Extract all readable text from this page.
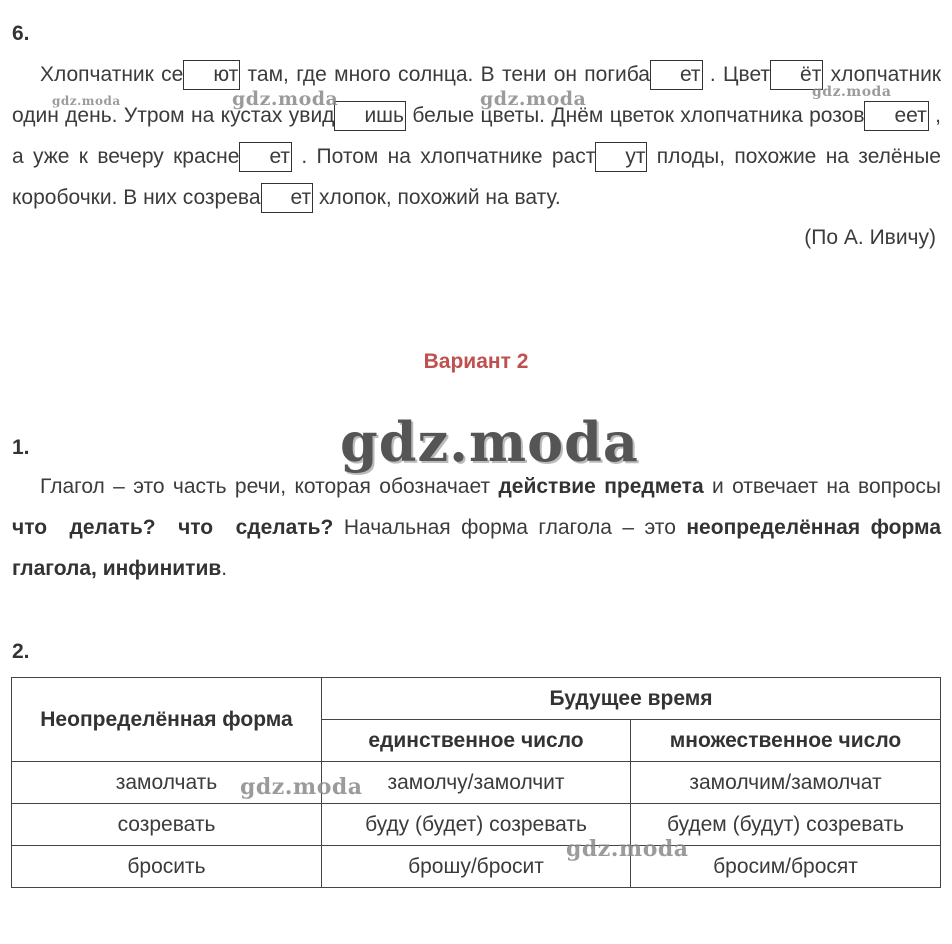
6.
Хлопчатник се ют там, где много солнца. В тени он погиба ет . Цвет ёт хлопчатник один день. Утром на кустах увид ишь белые цветы. Днём цветок хлопчатника розов еет , а уже к вечеру красне ет . Потом на хлопчатнике раст ут плоды, похожие на зелёные коробочки. В них созрева ет хлопок, похожий на вату.
(По А. Ивичу)
gdz.moda	gdz.moda	gdz.moda	gdz.moda
Вариант 2
1.	gdz.moda
Глагол – это часть речи, которая обозначает действие предмета и отвечает на вопросы что делать? что сделать? Начальная форма глагола – это неопределённая форма глагола, инфинитив.
2.
Неопределённая форма	Будущее время	
	единственное число	множественное число
замолчать	замолчу/замолчит	замолчим/замолчат
созревать	буду (будет) созревать	будем (будут) созревать
бросить	брошу/бросит	бросим/бросят
gdz.moda
gdz.moda
